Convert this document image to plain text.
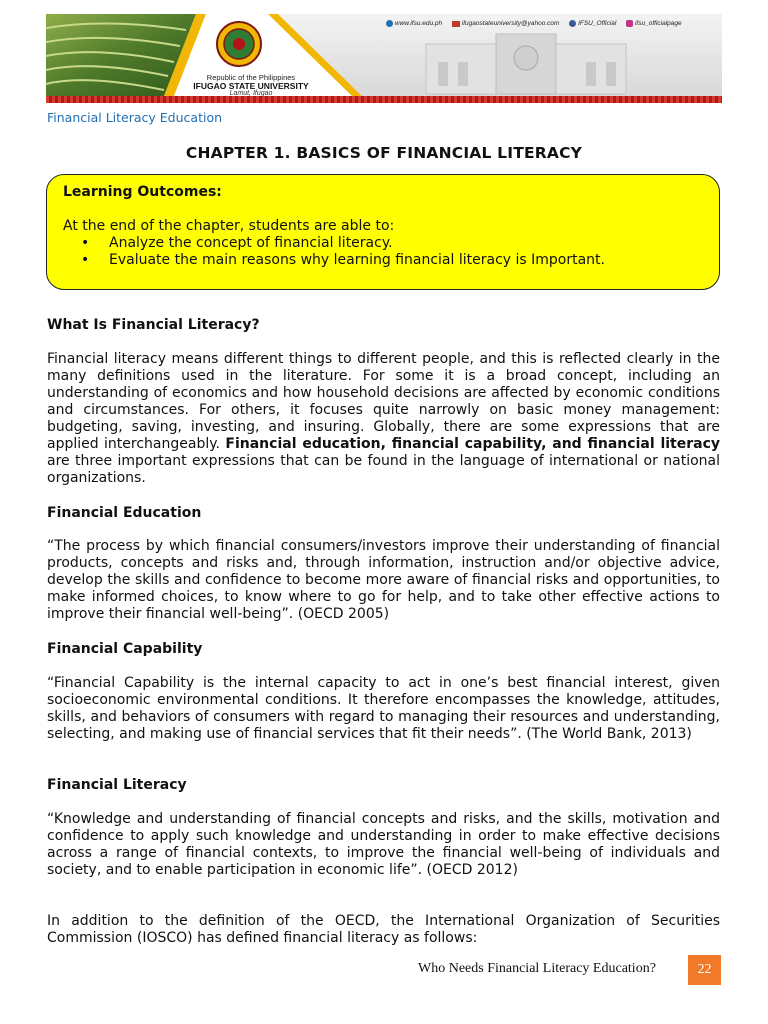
Republic of the Philippines
IFUGAO STATE UNIVERSITY
Lamut, Ifugao
www.ifsu.edu.ph	ifugaostateuniversity@yahoo.com	IFSU_Official	ifsu_officialpage
Financial Literacy Education
CHAPTER 1. BASICS OF FINANCIAL LITERACY
Learning Outcomes:
At the end of the chapter, students are able to:
• Analyze the concept of financial literacy.
• Evaluate the main reasons why learning financial literacy is Important.
What Is Financial Literacy?
Financial literacy means different things to different people, and this is reflected clearly in the many definitions used in the literature. For some it is a broad concept, including an understanding of economics and how household decisions are affected by economic conditions and circumstances. For others, it focuses quite narrowly on basic money management: budgeting, saving, investing, and insuring. Globally, there are some expressions that are applied interchangeably. Financial education, financial capability, and financial literacy are three important expressions that can be found in the language of international or national organizations.
Financial Education
“The process by which financial consumers/investors improve their understanding of financial products, concepts and risks and, through information, instruction and/or objective advice, develop the skills and confidence to become more aware of financial risks and opportunities, to make informed choices, to know where to go for help, and to take other effective actions to improve their financial well-being”. (OECD 2005)
Financial Capability
“Financial Capability is the internal capacity to act in one’s best financial interest, given socioeconomic environmental conditions. It therefore encompasses the knowledge, attitudes, skills, and behaviors of consumers with regard to managing their resources and understanding, selecting, and making use of financial services that fit their needs”. (The World Bank, 2013)
Financial Literacy
“Knowledge and understanding of financial concepts and risks, and the skills, motivation and confidence to apply such knowledge and understanding in order to make effective decisions across a range of financial contexts, to improve the financial well-being of individuals and society, and to enable participation in economic life”. (OECD 2012)
In addition to the definition of the OECD, the International Organization of Securities Commission (IOSCO) has defined financial literacy as follows:
Who Needs Financial Literacy Education?	22
